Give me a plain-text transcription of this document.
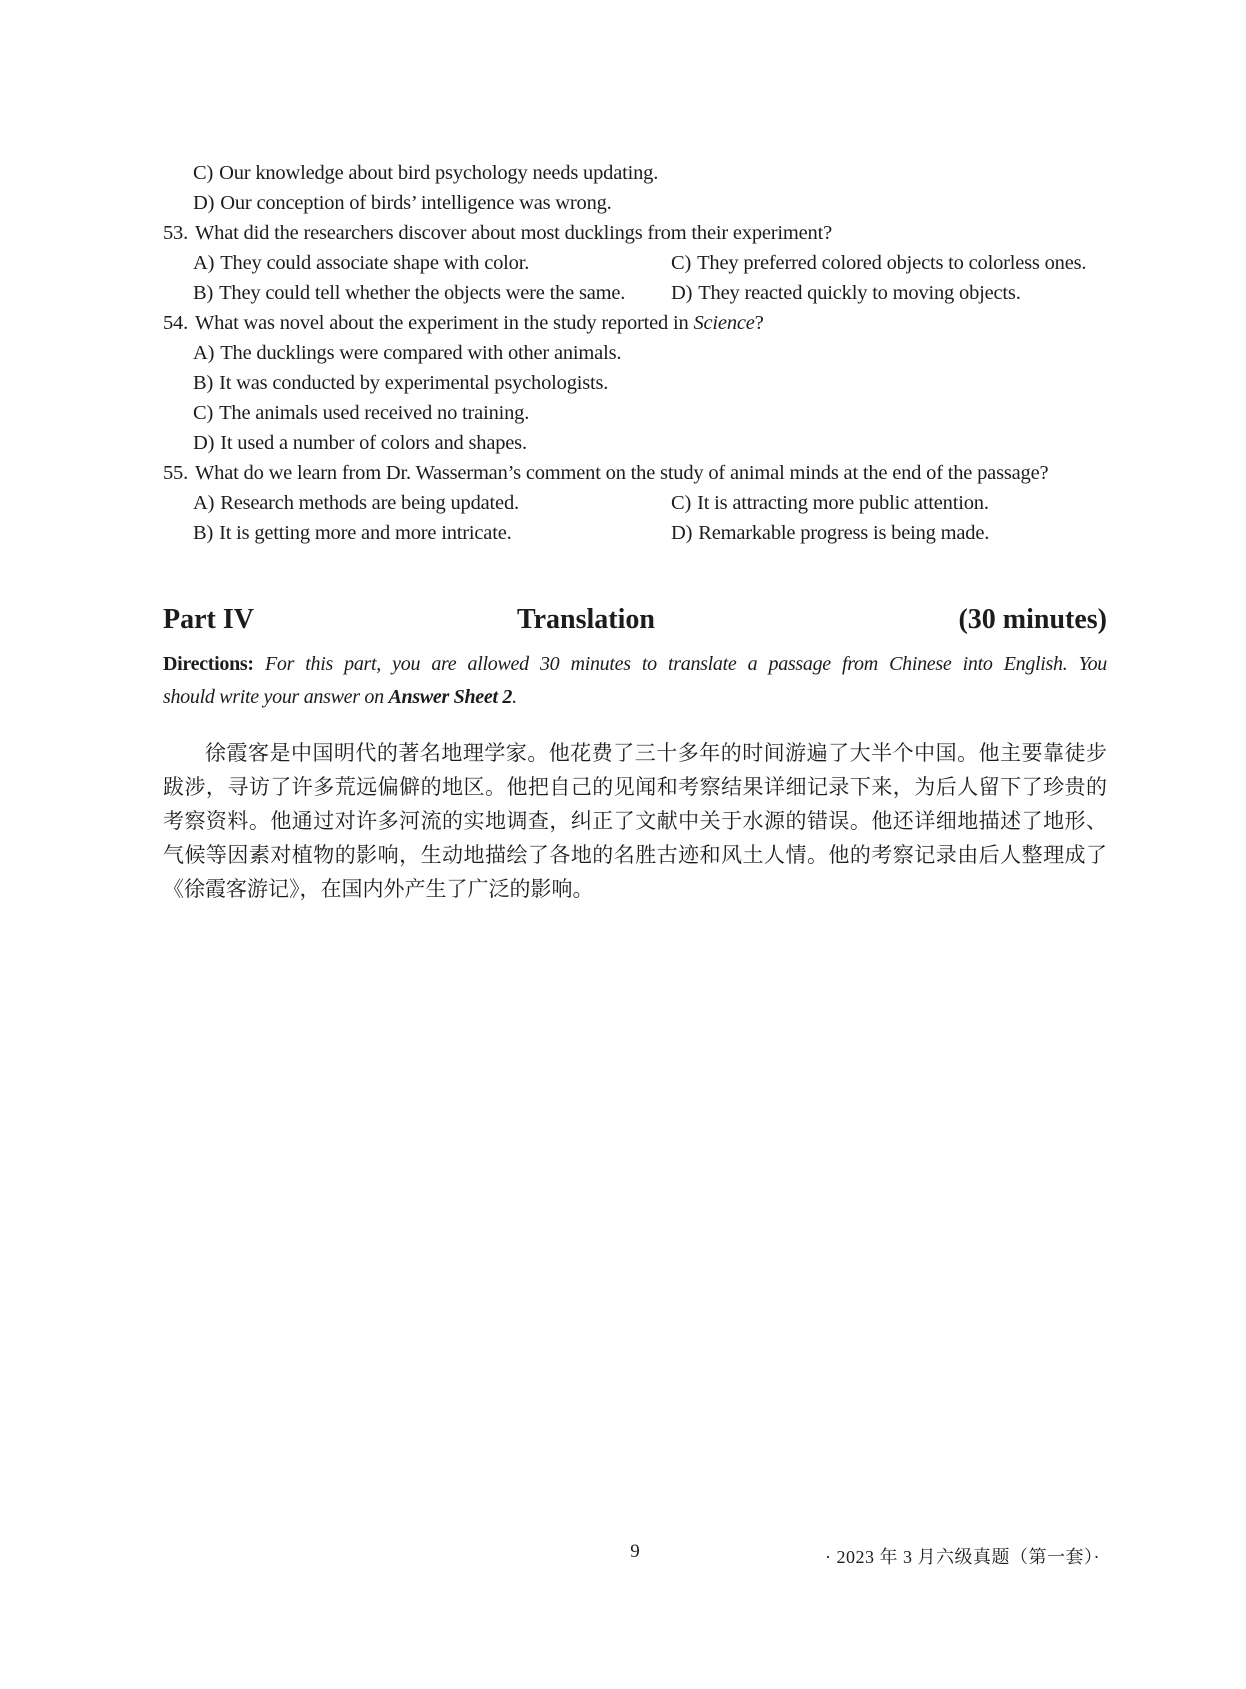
C) Our knowledge about bird psychology needs updating.
D) Our conception of birds’ intelligence was wrong.
53. What did the researchers discover about most ducklings from their experiment?
A) They could associate shape with color.	C) They preferred colored objects to colorless ones.
B) They could tell whether the objects were the same.	D) They reacted quickly to moving objects.
54. What was novel about the experiment in the study reported in Science?
A) The ducklings were compared with other animals.
B) It was conducted by experimental psychologists.
C) The animals used received no training.
D) It used a number of colors and shapes.
55. What do we learn from Dr. Wasserman’s comment on the study of animal minds at the end of the passage?
A) Research methods are being updated.	C) It is attracting more public attention.
B) It is getting more and more intricate.	D) Remarkable progress is being made.
Part IV	Translation	(30 minutes)
Directions: For this part, you are allowed 30 minutes to translate a passage from Chinese into English. You
should write your answer on Answer Sheet 2.
徐霞客是中国明代的著名地理学家。他花费了三十多年的时间游遍了大半个中国。他主要靠徒步
跋涉，寻访了许多荒远偏僻的地区。他把自己的见闻和考察结果详细记录下来，为后人留下了珍贵的
考察资料。他通过对许多河流的实地调查，纠正了文献中关于水源的错误。他还详细地描述了地形、
气候等因素对植物的影响，生动地描绘了各地的名胜古迹和风土人情。他的考察记录由后人整理成了
《徐霞客游记》，在国内外产生了广泛的影响。
9	· 2023 年 3 月六级真题（第一套）·
